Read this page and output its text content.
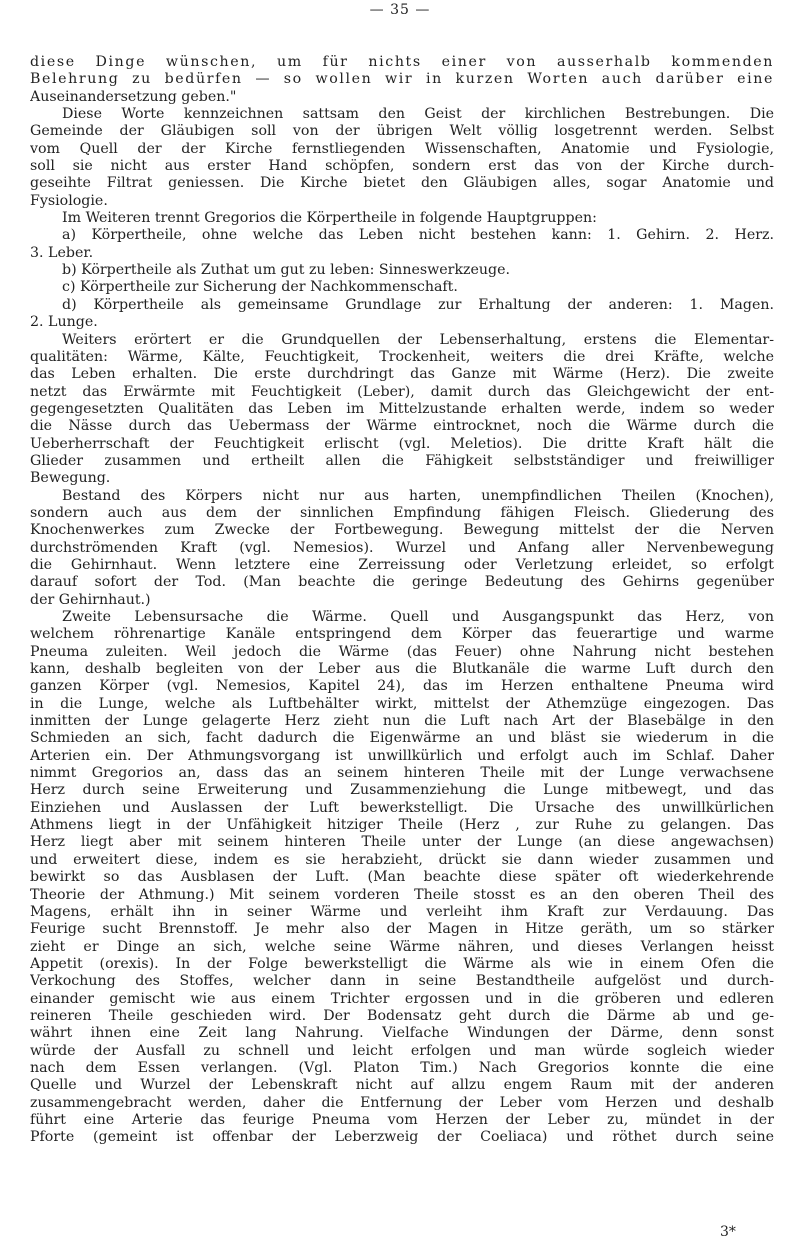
— 35 —
diese Dinge wünschen, um für nichts einer von ausserhalb kommenden
Belehrung zu bedürfen — so wollen wir in kurzen Worten auch darüber eine
Auseinandersetzung geben."
Diese Worte kennzeichnen sattsam den Geist der kirchlichen Bestrebungen. Die
Gemeinde der Gläubigen soll von der übrigen Welt völlig losgetrennt werden. Selbst
vom Quell der der Kirche fernstliegenden Wissenschaften, Anatomie und Fysiologie,
soll sie nicht aus erster Hand schöpfen, sondern erst das von der Kirche durch-
geseihte Filtrat geniessen. Die Kirche bietet den Gläubigen alles, sogar Anatomie und
Fysiologie.
Im Weiteren trennt Gregorios die Körpertheile in folgende Hauptgruppen:
a) Körpertheile, ohne welche das Leben nicht bestehen kann: 1. Gehirn. 2. Herz.
3. Leber.
b) Körpertheile als Zuthat um gut zu leben: Sinneswerkzeuge.
c) Körpertheile zur Sicherung der Nachkommenschaft.
d) Körpertheile als gemeinsame Grundlage zur Erhaltung der anderen: 1. Magen.
2. Lunge.
Weiters erörtert er die Grundquellen der Lebenserhaltung, erstens die Elementar-
qualitäten: Wärme, Kälte, Feuchtigkeit, Trockenheit, weiters die drei Kräfte, welche
das Leben erhalten. Die erste durchdringt das Ganze mit Wärme (Herz). Die zweite
netzt das Erwärmte mit Feuchtigkeit (Leber), damit durch das Gleichgewicht der ent-
gegengesetzten Qualitäten das Leben im Mittelzustande erhalten werde, indem so weder
die Nässe durch das Uebermass der Wärme eintrocknet, noch die Wärme durch die
Ueberherrschaft der Feuchtigkeit erlischt (vgl. Meletios). Die dritte Kraft hält die
Glieder zusammen und ertheilt allen die Fähigkeit selbstständiger und freiwilliger
Bewegung.
Bestand des Körpers nicht nur aus harten, unempfindlichen Theilen (Knochen),
sondern auch aus dem der sinnlichen Empfindung fähigen Fleisch. Gliederung des
Knochenwerkes zum Zwecke der Fortbewegung. Bewegung mittelst der die Nerven
durchströmenden Kraft (vgl. Nemesios). Wurzel und Anfang aller Nervenbewegung
die Gehirnhaut. Wenn letztere eine Zerreissung oder Verletzung erleidet, so erfolgt
darauf sofort der Tod. (Man beachte die geringe Bedeutung des Gehirns gegenüber
der Gehirnhaut.)
Zweite Lebensursache die Wärme. Quell und Ausgangspunkt das Herz, von
welchem röhrenartige Kanäle entspringend dem Körper das feuerartige und warme
Pneuma zuleiten. Weil jedoch die Wärme (das Feuer) ohne Nahrung nicht bestehen
kann, deshalb begleiten von der Leber aus die Blutkanäle die warme Luft durch den
ganzen Körper (vgl. Nemesios, Kapitel 24), das im Herzen enthaltene Pneuma wird
in die Lunge, welche als Luftbehälter wirkt, mittelst der Athemzüge eingezogen. Das
inmitten der Lunge gelagerte Herz zieht nun die Luft nach Art der Blasebälge in den
Schmieden an sich, facht dadurch die Eigenwärme an und bläst sie wiederum in die
Arterien ein. Der Athmungsvorgang ist unwillkürlich und erfolgt auch im Schlaf. Daher
nimmt Gregorios an, dass das an seinem hinteren Theile mit der Lunge verwachsene
Herz durch seine Erweiterung und Zusammenziehung die Lunge mitbewegt, und das
Einziehen und Auslassen der Luft bewerkstelligt. Die Ursache des unwillkürlichen
Athmens liegt in der Unfähigkeit hitziger Theile (Herz , zur Ruhe zu gelangen. Das
Herz liegt aber mit seinem hinteren Theile unter der Lunge (an diese angewachsen)
und erweitert diese, indem es sie herabzieht, drückt sie dann wieder zusammen und
bewirkt so das Ausblasen der Luft. (Man beachte diese später oft wiederkehrende
Theorie der Athmung.) Mit seinem vorderen Theile stosst es an den oberen Theil des
Magens, erhält ihn in seiner Wärme und verleiht ihm Kraft zur Verdauung. Das
Feurige sucht Brennstoff. Je mehr also der Magen in Hitze geräth, um so stärker
zieht er Dinge an sich, welche seine Wärme nähren, und dieses Verlangen heisst
Appetit (orexis). In der Folge bewerkstelligt die Wärme als wie in einem Ofen die
Verkochung des Stoffes, welcher dann in seine Bestandtheile aufgelöst und durch-
einander gemischt wie aus einem Trichter ergossen und in die gröberen und edleren
reineren Theile geschieden wird. Der Bodensatz geht durch die Därme ab und ge-
währt ihnen eine Zeit lang Nahrung. Vielfache Windungen der Därme, denn sonst
würde der Ausfall zu schnell und leicht erfolgen und man würde sogleich wieder
nach dem Essen verlangen. (Vgl. Platon Tim.) Nach Gregorios konnte die eine
Quelle und Wurzel der Lebenskraft nicht auf allzu engem Raum mit der anderen
zusammengebracht werden, daher die Entfernung der Leber vom Herzen und deshalb
führt eine Arterie das feurige Pneuma vom Herzen der Leber zu, mündet in der
Pforte (gemeint ist offenbar der Leberzweig der Coeliaca) und röthet durch seine
3*
